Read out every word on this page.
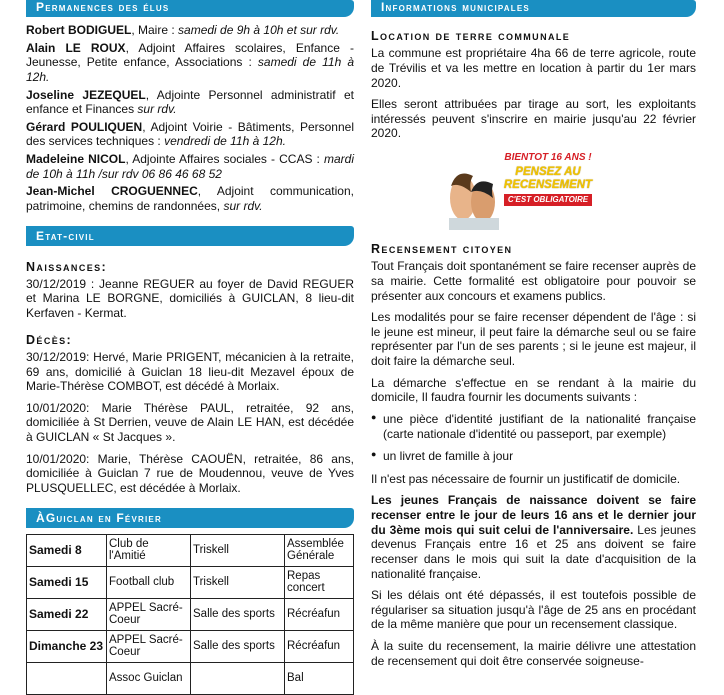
Permanences des élus

Robert BODIGUEL, Maire : samedi de 9h à 10h et sur rdv.

Alain LE ROUX, Adjoint Affaires scolaires, Enfance - Jeunesse, Petite enfance, Associations : samedi de 11h à 12h.

Joseline JEZEQUEL, Adjointe Personnel administratif et enfance et Finances sur rdv.

Gérard POULIQUEN, Adjoint Voirie - Bâtiments, Personnel des services techniques : vendredi de 11h à 12h.

Madeleine NICOL, Adjointe Affaires sociales - CCAS : mardi de 10h à 11h /sur rdv 06 86 46 68 52

Jean-Michel CROGUENNEC, Adjoint communication, patrimoine, chemins de randonnées, sur rdv.

Etat-civil
Naissances:

30/12/2019 : Jeanne REGUER au foyer de David REGUER et Marina LE BORGNE, domiciliés à GUICLAN, 8 lieu-dit Kerfaven - Kermat.

Décès:

30/12/2019: Hervé, Marie PRIGENT, mécanicien à la retraite, 69 ans, domicilié à Guiclan 18 lieu-dit Mezavel époux de Marie-Thérèse COMBOT, est décédé à Morlaix.

10/01/2020: Marie Thérèse PAUL, retraitée, 92 ans, domiciliée à St Derrien, veuve de Alain LE HAN, est décédée à GUICLAN « St Jacques ».

10/01/2020: Marie, Thérèse CAOUËN, retraitée, 86 ans, domiciliée à Guiclan 7 rue de Moudennou, veuve de Yves PLUSQUELLEC, est décédée à Morlaix.

ÀGuiclan en Février
Samedi 8	Club de l'Amitié	Triskell	Assemblée Générale
Samedi 15	Football club	Triskell	Repas concert
Samedi 22	APPEL Sacré-Coeur	Salle des sports	Récréafun
Dimanche 23	APPEL Sacré-Coeur	Salle des sports	Récréafun
	Assoc Guiclan		Bal
Informations municipales
Location de terre communale

La commune est propriétaire 4ha 66 de terre agricole, route de Trévilis et va les mettre en location à partir du 1er mars 2020.

Elles seront attribuées par tirage au sort, les exploitants intéressés peuvent s'inscrire en mairie jusqu'au 22 février 2020.

BIENTOT 16 ANS !
PENSEZ AU RECENSEMENT
C'EST OBLIGATOIRE
Recensement citoyen

Tout Français doit spontanément se faire recenser auprès de sa mairie. Cette formalité est obligatoire pour pouvoir se présenter aux concours et examens publics.

Les modalités pour se faire recenser dépendent de l'âge : si le jeune est mineur, il peut faire la démarche seul ou se faire représenter par l'un de ses parents ; si le jeune est majeur, il doit faire la démarche seul.

La démarche s'effectue en se rendant à la mairie du domicile, Il faudra fournir les documents suivants :

● une pièce d'identité justifiant de la nationalité française (carte nationale d'identité ou passeport, par exemple)
● un livret de famille à jour

Il n'est pas nécessaire de fournir un justificatif de domicile.

Les jeunes Français de naissance doivent se faire recenser entre le jour de leurs 16 ans et le dernier jour du 3ème mois qui suit celui de l'anniversaire. Les jeunes devenus Français entre 16 et 25 ans doivent se faire recenser dans le mois qui suit la date d'acquisition de la nationalité française.

Si les délais ont été dépassés, il est toutefois possible de régulariser sa situation jusqu'à l'âge de 25 ans en procédant de la même manière que pour un recensement classique.

À la suite du recensement, la mairie délivre une attestation de recensement qui doit être conservée soigneuse-
